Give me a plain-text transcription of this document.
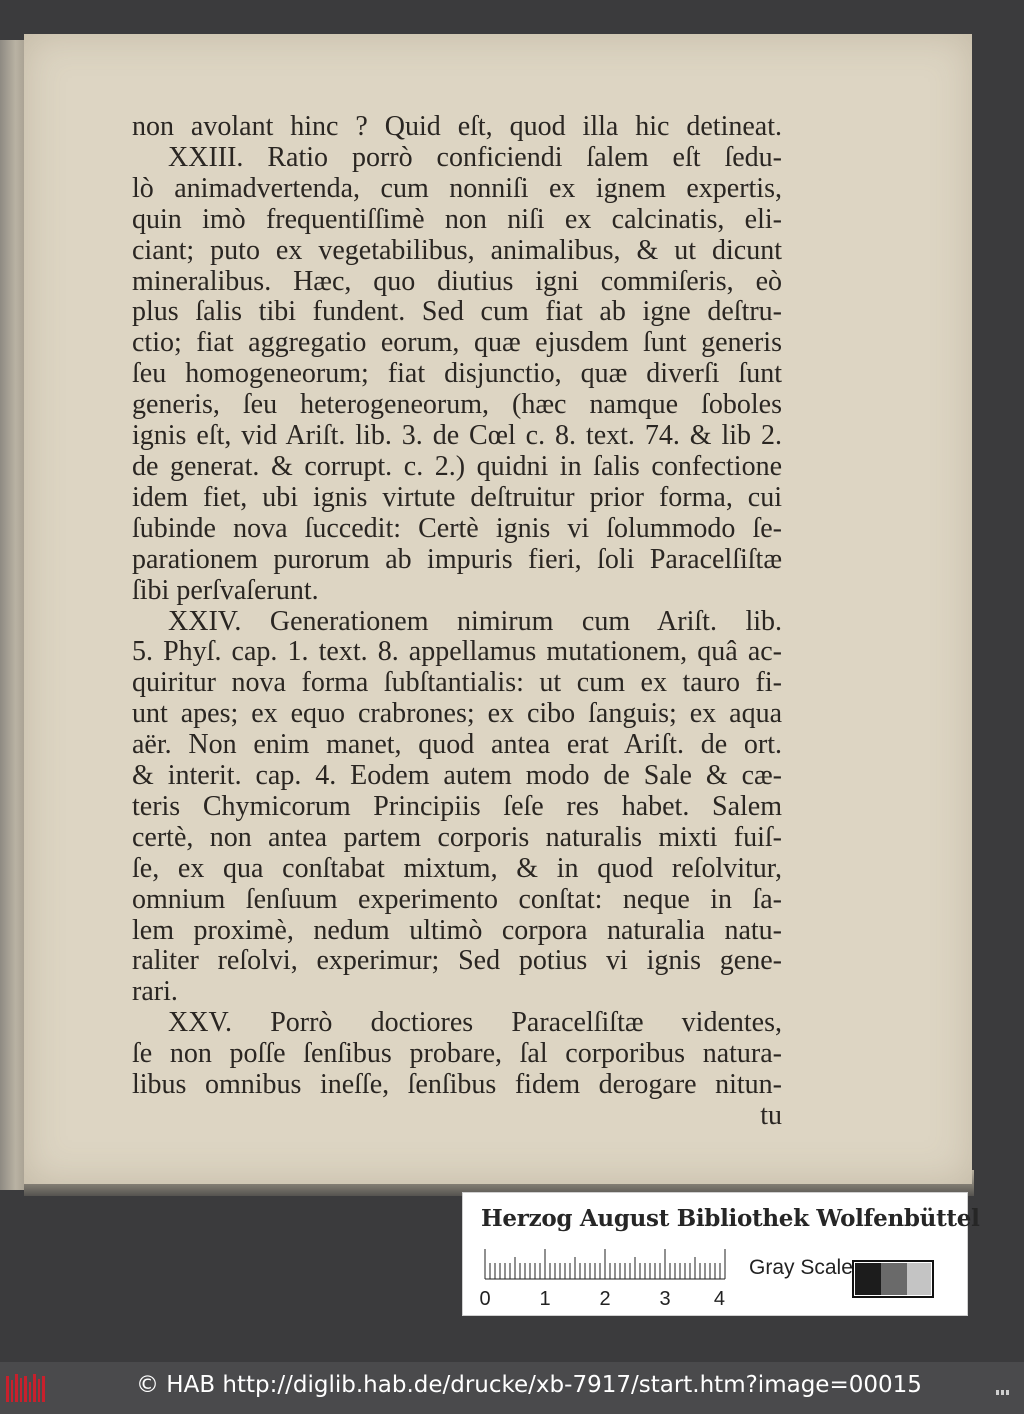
non avolant hinc ? Quid eſt, quod illa hic detineat.
XXIII. Ratio porrò conficiendi ſalem eſt ſedu-
lò animadvertenda, cum nonniſi ex ignem expertis,
quin imò frequentiſſimè non niſi ex calcinatis, eli-
ciant; puto ex vegetabilibus, animalibus, & ut dicunt
mineralibus. Hæc, quo diutius igni commiſeris, eò
plus ſalis tibi fundent. Sed cum fiat ab igne deſtru-
ctio; fiat aggregatio eorum, quæ ejusdem ſunt generis
ſeu homogeneorum; fiat disjunctio, quæ diverſi ſunt
generis, ſeu heterogeneorum, (hæc namque ſoboles
ignis eſt, vid Ariſt. lib. 3. de Cœl c. 8. text. 74. & lib 2.
de generat. & corrupt. c. 2.) quidni in ſalis confectione
idem fiet, ubi ignis virtute deſtruitur prior forma, cui
ſubinde nova ſuccedit: Certè ignis vi ſolummodo ſe-
parationem purorum ab impuris fieri, ſoli Paracelſiſtæ
ſibi perſvaſerunt.
XXIV. Generationem nimirum cum Ariſt. lib.
5. Phyſ. cap. 1. text. 8. appellamus mutationem, quâ ac-
quiritur nova forma ſubſtantialis: ut cum ex tauro fi-
unt apes; ex equo crabrones; ex cibo ſanguis; ex aqua
aër. Non enim manet, quod antea erat Ariſt. de ort.
& interit. cap. 4. Eodem autem modo de Sale & cæ-
teris Chymicorum Principiis ſeſe res habet. Salem
certè, non antea partem corporis naturalis mixti fuiſ-
ſe, ex qua conſtabat mixtum, & in quod reſolvitur,
omnium ſenſuum experimento conſtat: neque in ſa-
lem proximè, nedum ultimò corpora naturalia natu-
raliter reſolvi, experimur; Sed potius vi ignis gene-
rari.
XXV. Porrò doctiores Paracelſiſtæ videntes,
ſe non poſſe ſenſibus probare, ſal corporibus natura-
libus omnibus ineſſe, ſenſibus fidem derogare nitun-
tu
Herzog August Bibliothek Wolfenbüttel
0 1 2 3 4
Gray Scale
© HAB http://diglib.hab.de/drucke/xb-7917/start.htm?image=00015
